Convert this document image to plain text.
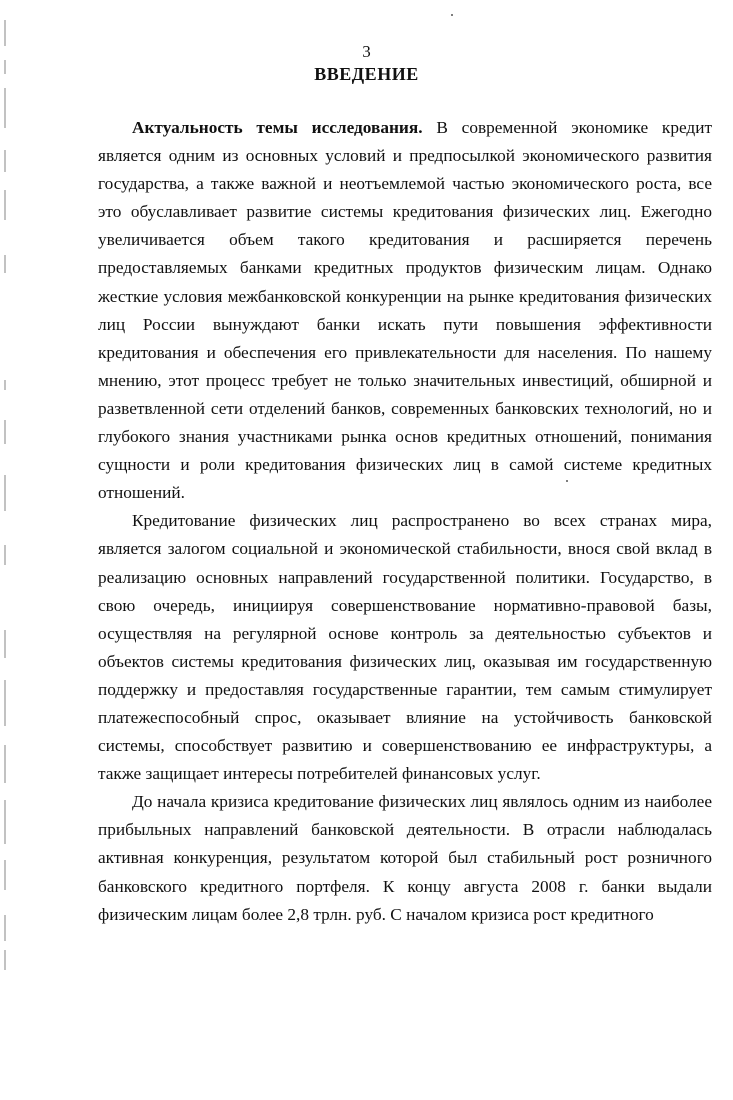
3
ВВЕДЕНИЕ

Актуальность темы исследования. В современной экономике кредит является одним из основных условий и предпосылкой экономического развития государства, а также важной и неотъемлемой частью экономического роста, все это обуславливает развитие системы кредитования физических лиц. Ежегодно увеличивается объем такого кредитования и расширяется перечень предоставляемых банками кредитных продуктов физическим лицам. Однако жесткие условия межбанковской конкуренции на рынке кредитования физических лиц России вынуждают банки искать пути повышения эффективности кредитования и обеспечения его привлекательности для населения. По нашему мнению, этот процесс требует не только значительных инвестиций, обширной и разветвленной сети отделений банков, современных банковских технологий, но и глубокого знания участниками рынка основ кредитных отношений, понимания сущности и роли кредитования физических лиц в самой системе кредитных отношений.

Кредитование физических лиц распространено во всех странах мира, является залогом социальной и экономической стабильности, внося свой вклад в реализацию основных направлений государственной политики. Государство, в свою очередь, инициируя совершенствование нормативно-правовой базы, осуществляя на регулярной основе контроль за деятельностью субъектов и объектов системы кредитования физических лиц, оказывая им государственную поддержку и предоставляя государственные гарантии, тем самым стимулирует платежеспособный спрос, оказывает влияние на устойчивость банковской системы, способствует развитию и совершенствованию ее инфраструктуры, а также защищает интересы потребителей финансовых услуг.

До начала кризиса кредитование физических лиц являлось одним из наиболее прибыльных направлений банковской деятельности. В отрасли наблюдалась активная конкуренция, результатом которой был стабильный рост розничного банковского кредитного портфеля. К концу августа 2008 г. банки выдали физическим лицам более 2,8 трлн. руб. С началом кризиса рост кредитного
